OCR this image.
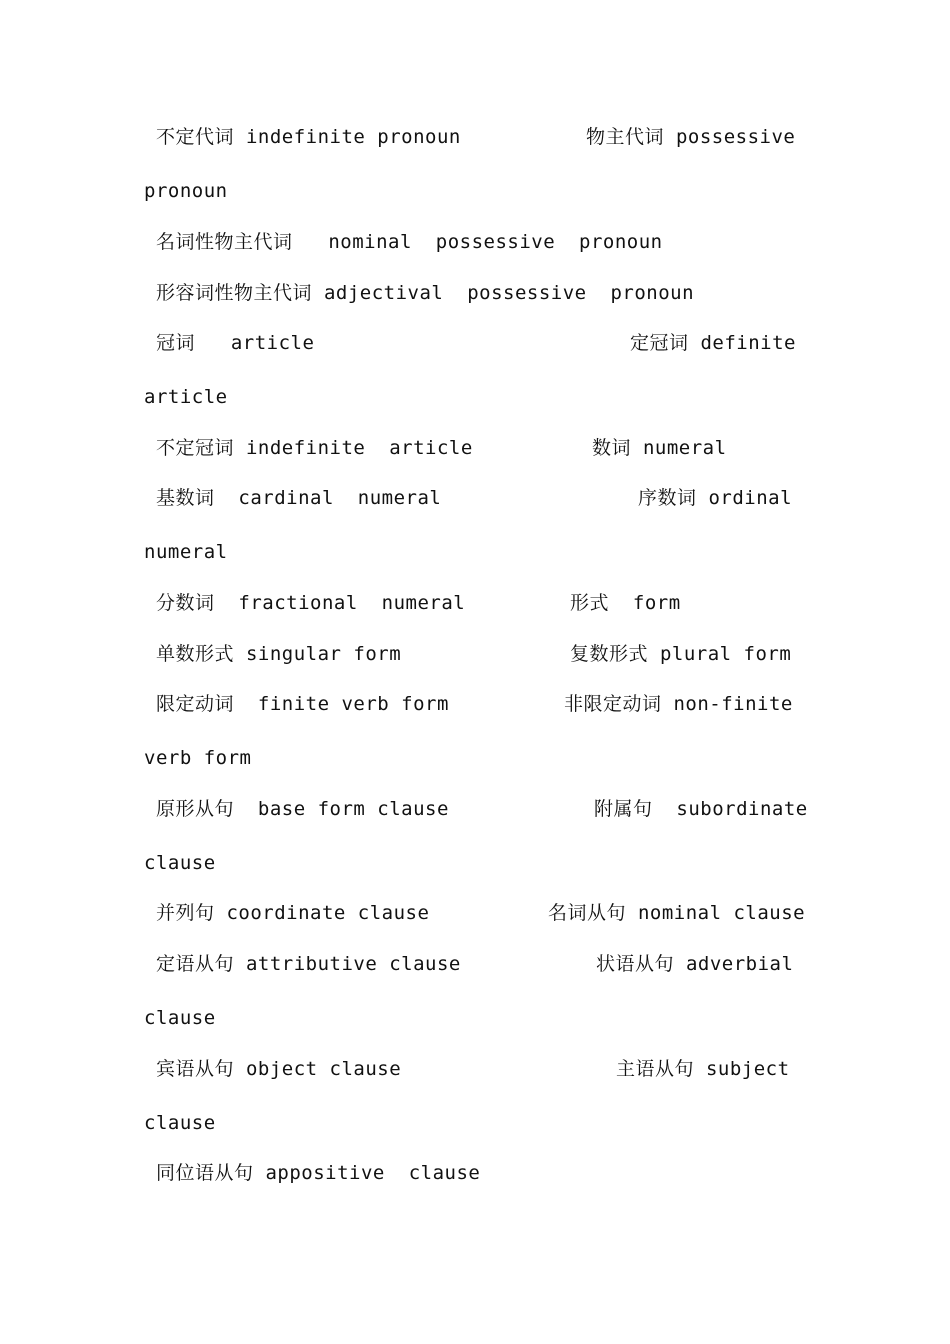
不定代词 indefinite pronoun

	物主代词 possessive

pronoun

名词性物主代词   nominal  possessive  pronoun

形容词性物主代词 adjectival  possessive  pronoun

冠词   article

	定冠词 definite

article

不定冠词 indefinite  article

	数词 numeral

基数词  cardinal  numeral

	序数词 ordinal

numeral

分数词  fractional  numeral

	形式  form

单数形式 singular form

	复数形式 plural form

限定动词  finite verb form

	非限定动词 non-finite

verb form

原形从句  base form clause

	附属句  subordinate

clause

并列句 coordinate clause

	名词从句 nominal clause

定语从句 attributive clause

	状语从句 adverbial

clause

宾语从句 object clause

	主语从句 subject

clause

同位语从句 appositive  clause
